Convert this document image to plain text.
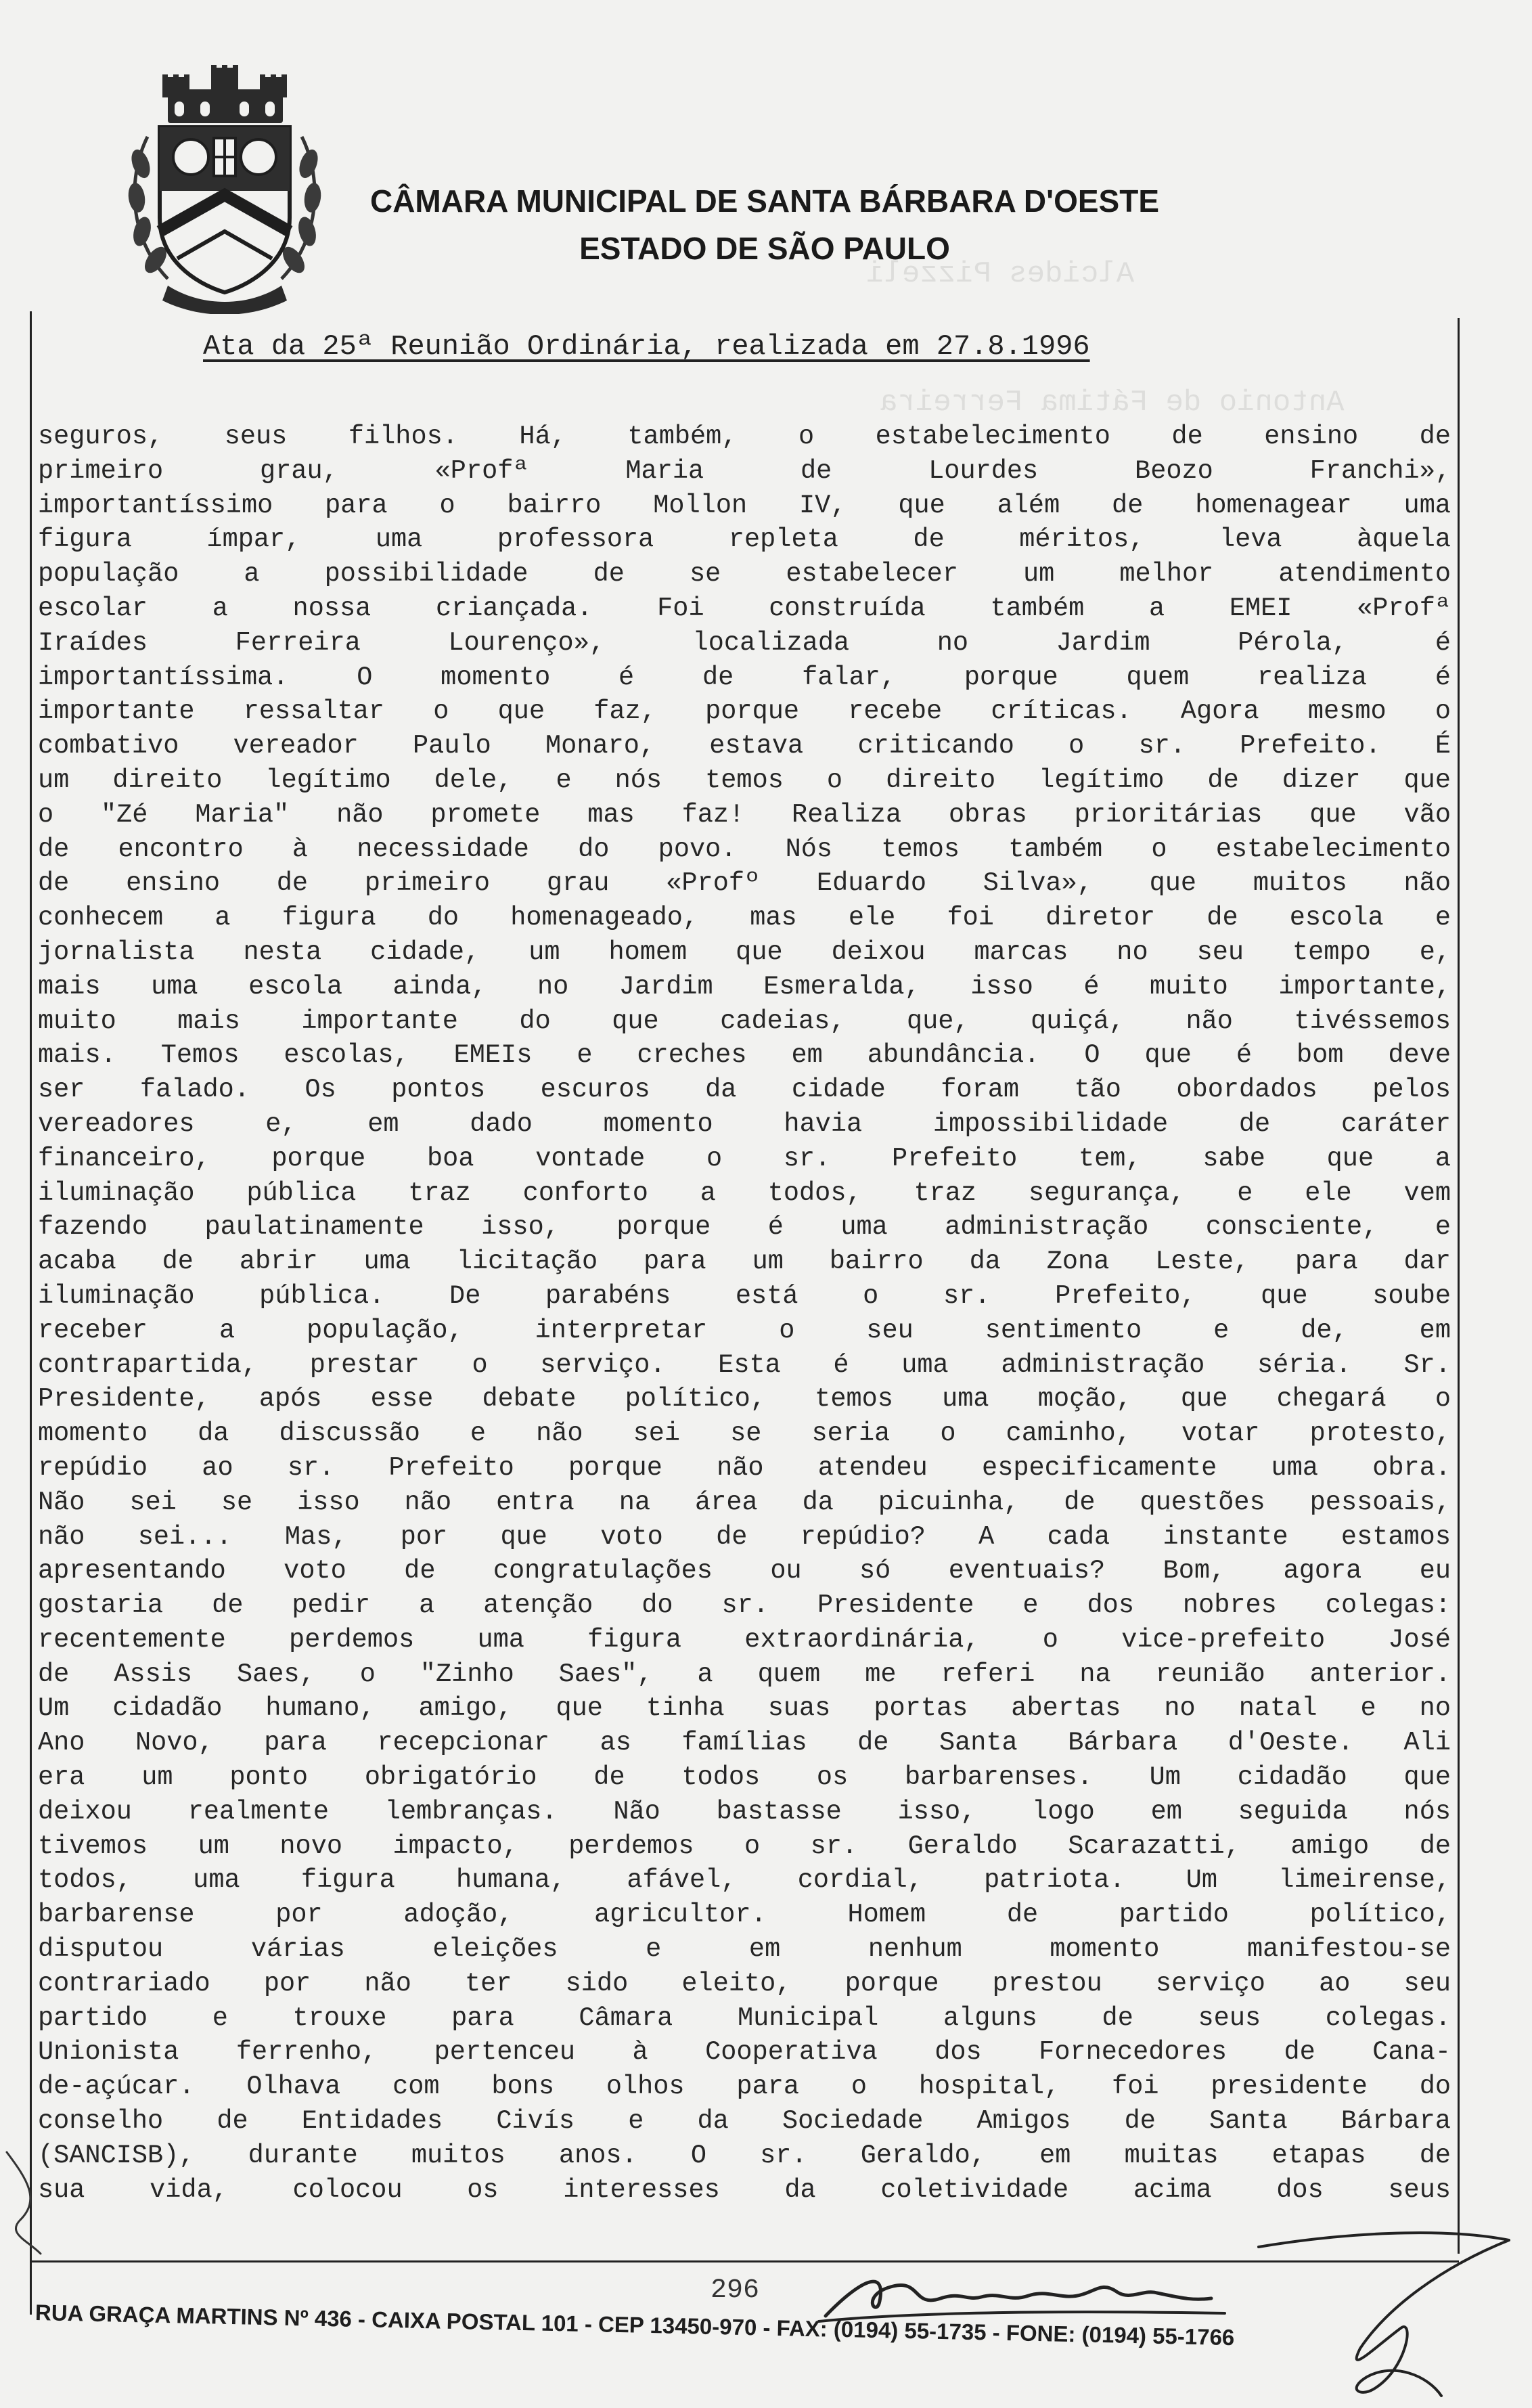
Alcides Pizzeli
Antonio de Fátima Ferreira
CÂMARA MUNICIPAL DE SANTA BÁRBARA D'OESTE
ESTADO DE SÃO PAULO
Ata da 25ª Reunião Ordinária, realizada em 27.8.1996
seguros, seus filhos. Há, também, o estabelecimento de ensino de
primeiro grau, «Profª Maria de Lourdes Beozo Franchi»,
importantíssimo para o bairro Mollon IV, que além de homenagear uma
figura ímpar, uma professora repleta de méritos, leva àquela
população a possibilidade de se estabelecer um melhor atendimento
escolar a nossa criançada. Foi construída também a EMEI «Profª
Iraídes Ferreira Lourenço», localizada no Jardim Pérola, é
importantíssima. O momento é de falar, porque quem realiza é
importante ressaltar o que faz, porque recebe críticas. Agora mesmo o
combativo vereador Paulo Monaro, estava criticando o sr. Prefeito. É
um direito legítimo dele, e nós temos o direito legítimo de dizer que
o "Zé Maria" não promete mas faz! Realiza obras prioritárias que vão
de encontro à necessidade do povo. Nós temos também o estabelecimento
de ensino de primeiro grau «Profº Eduardo Silva», que muitos não
conhecem a figura do homenageado, mas ele foi diretor de escola e
jornalista nesta cidade, um homem que deixou marcas no seu tempo e,
mais uma escola ainda, no Jardim Esmeralda, isso é muito importante,
muito mais importante do que cadeias, que, quiçá, não tivéssemos
mais. Temos escolas, EMEIs e creches em abundância. O que é bom deve
ser falado. Os pontos escuros da cidade foram tão obordados pelos
vereadores e, em dado momento havia impossibilidade de caráter
financeiro, porque boa vontade o sr. Prefeito tem, sabe que a
iluminação pública traz conforto a todos, traz segurança, e ele vem
fazendo paulatinamente isso, porque é uma administração consciente, e
acaba de abrir uma licitação para um bairro da Zona Leste, para dar
iluminação pública. De parabéns está o sr. Prefeito, que soube
receber a população, interpretar o seu sentimento e de, em
contrapartida, prestar o serviço. Esta é uma administração séria. Sr.
Presidente, após esse debate político, temos uma moção, que chegará o
momento da discussão e não sei se seria o caminho, votar protesto,
repúdio ao sr. Prefeito porque não atendeu especificamente uma obra.
Não sei se isso não entra na área da picuinha, de questões pessoais,
não sei... Mas, por que voto de repúdio? A cada instante estamos
apresentando voto de congratulações ou só eventuais? Bom, agora eu
gostaria de pedir a atenção do sr. Presidente e dos nobres colegas:
recentemente perdemos uma figura extraordinária, o vice-prefeito José
de Assis Saes, o "Zinho Saes", a quem me referi na reunião anterior.
Um cidadão humano, amigo, que tinha suas portas abertas no natal e no
Ano Novo, para recepcionar as famílias de Santa Bárbara d'Oeste. Ali
era um ponto obrigatório de todos os barbarenses. Um cidadão que
deixou realmente lembranças. Não bastasse isso, logo em seguida nós
tivemos um novo impacto, perdemos o sr. Geraldo Scarazatti, amigo de
todos, uma figura humana, afável, cordial, patriota. Um limeirense,
barbarense por adoção, agricultor. Homem de partido político,
disputou várias eleições e em nenhum momento manifestou-se
contrariado por não ter sido eleito, porque prestou serviço ao seu
partido e trouxe para Câmara Municipal alguns de seus colegas.
Unionista ferrenho, pertenceu à Cooperativa dos Fornecedores de Cana-
de-açúcar. Olhava com bons olhos para o hospital, foi presidente do
conselho de Entidades Civís e da Sociedade Amigos de Santa Bárbara
(SANCISB), durante muitos anos. O sr. Geraldo, em muitas etapas de
sua vida, colocou os interesses da coletividade acima dos seus
296
RUA GRAÇA MARTINS Nº 436 - CAIXA POSTAL 101 - CEP 13450-970 - FAX: (0194) 55-1735 - FONE: (0194) 55-1766
